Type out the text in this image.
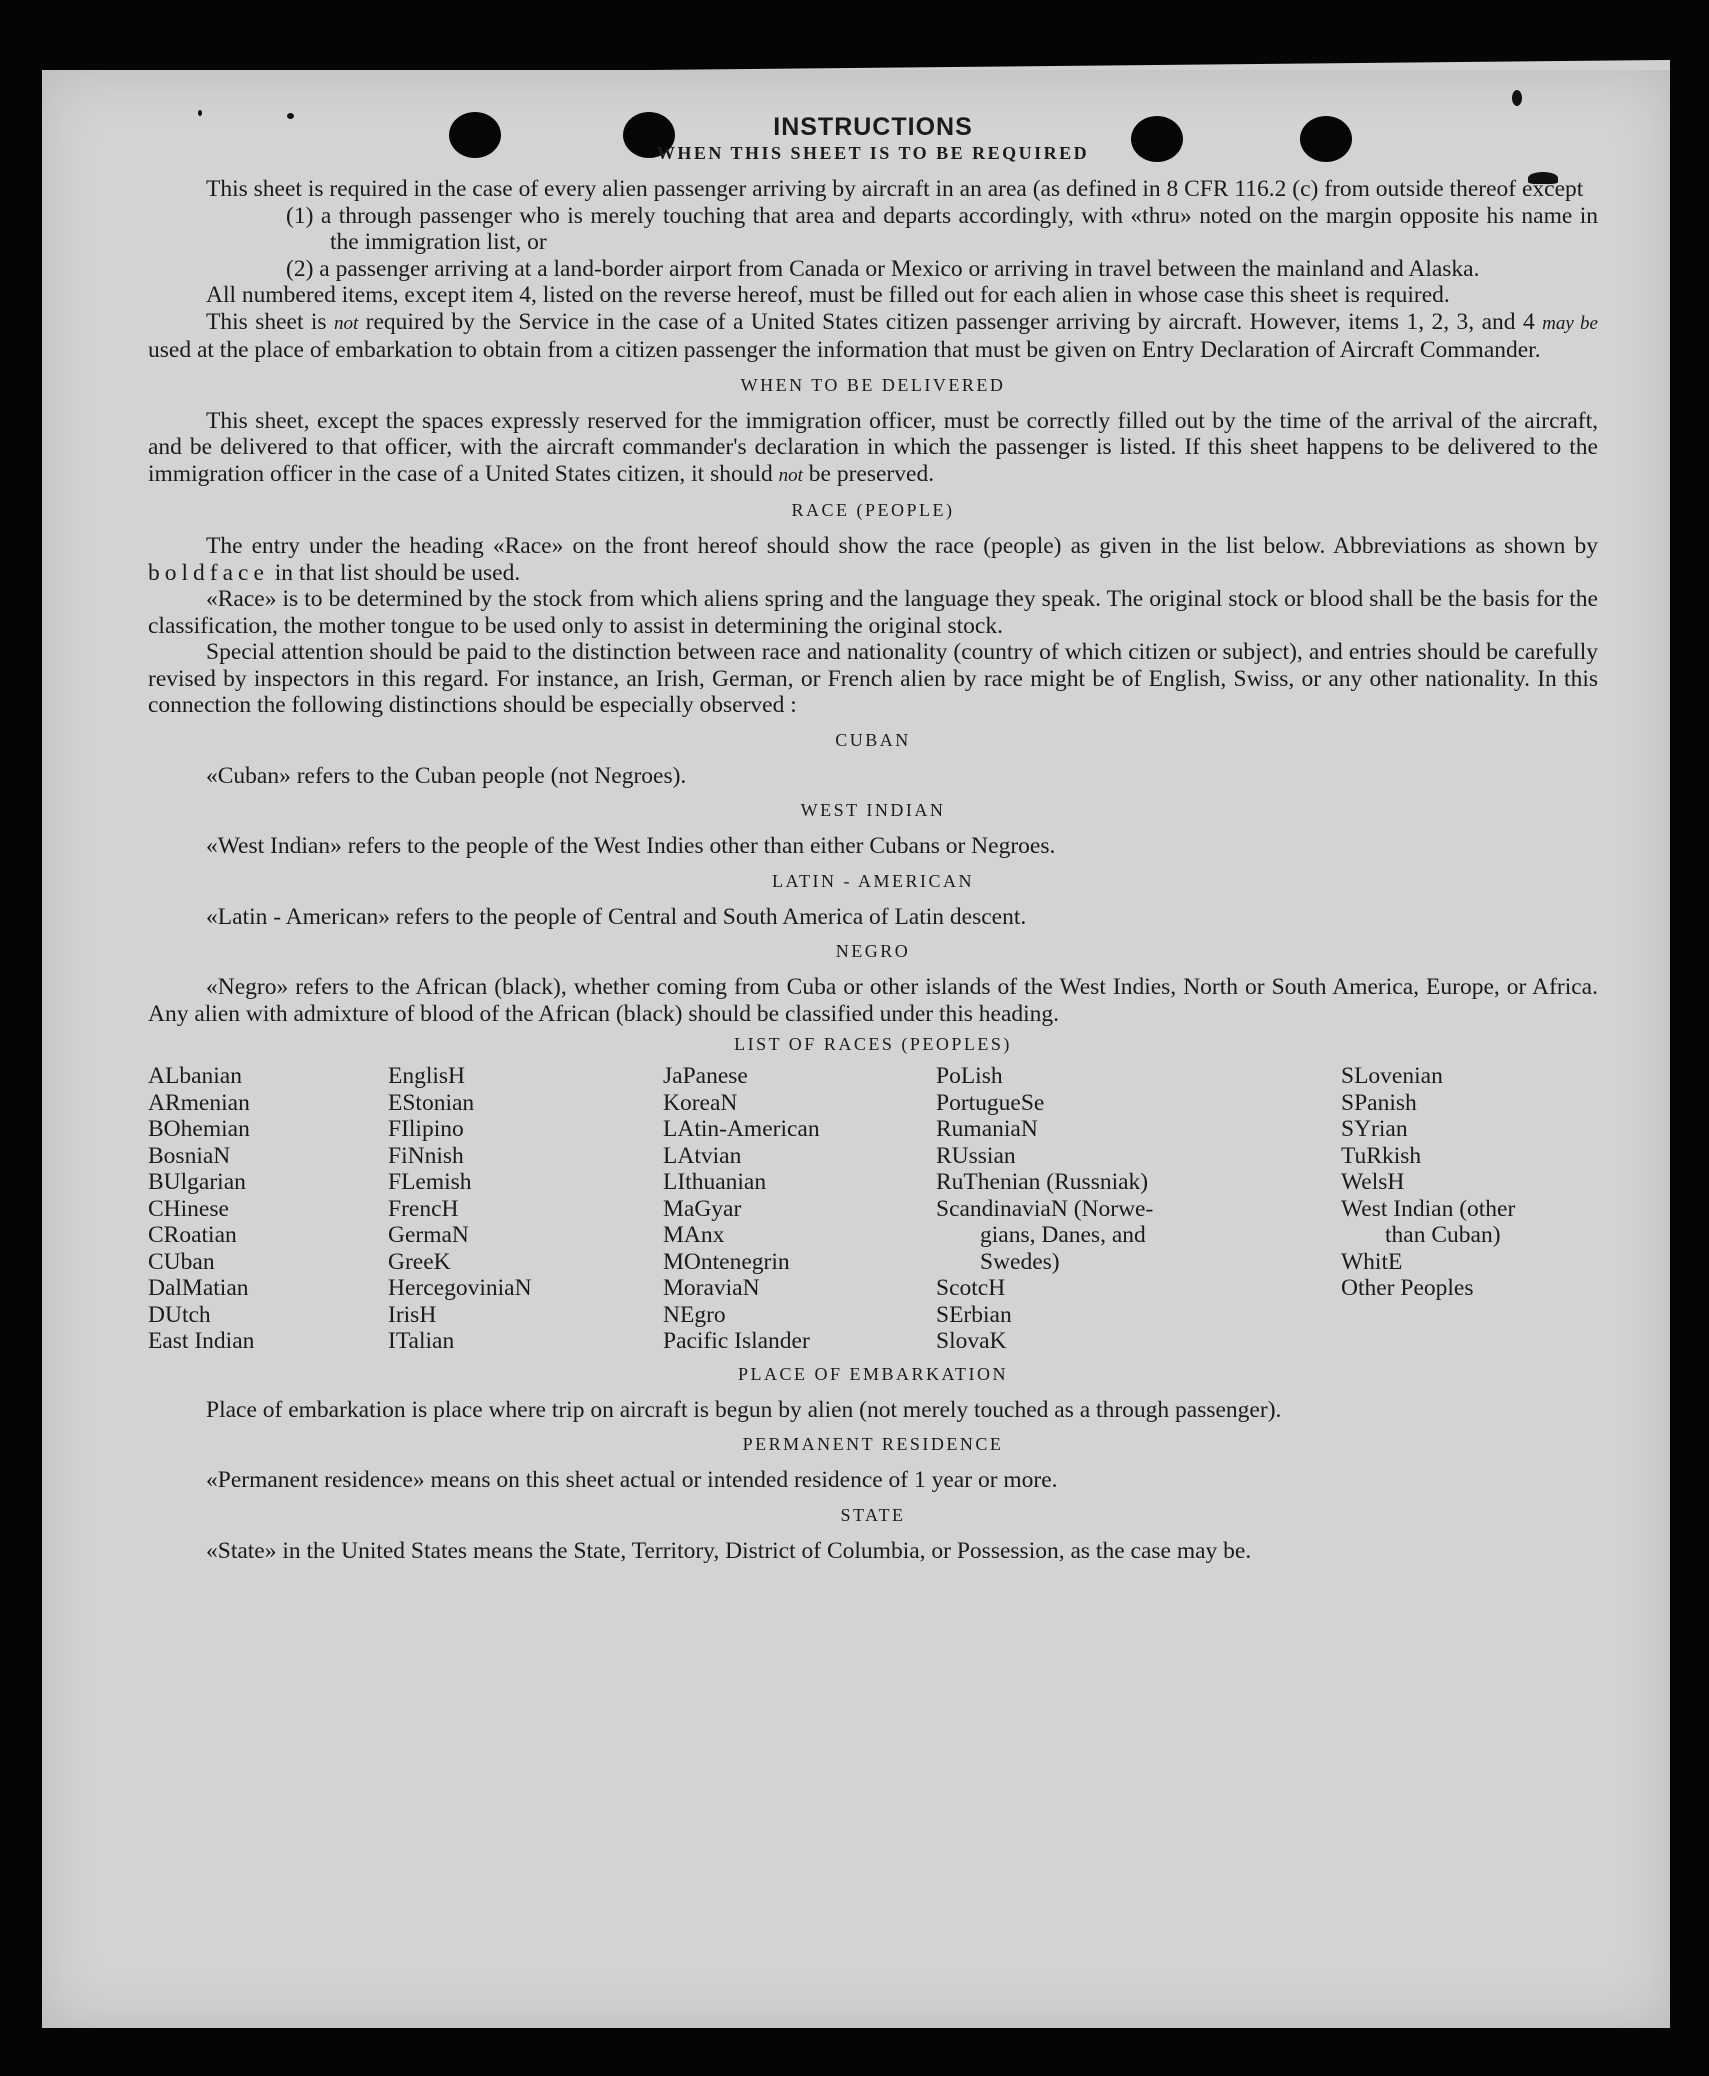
INSTRUCTIONS
WHEN THIS SHEET IS TO BE REQUIRED

This sheet is required in the case of every alien passenger arriving by aircraft in an area (as defined in 8 CFR 116.2 (c) from outside thereof except

(1) a through passenger who is merely touching that area and departs accordingly, with «thru» noted on the margin opposite his name in the immigration list, or

(2) a passenger arriving at a land-border airport from Canada or Mexico or arriving in travel between the mainland and Alaska.

All numbered items, except item 4, listed on the reverse hereof, must be filled out for each alien in whose case this sheet is required.

This sheet is not required by the Service in the case of a United States citizen passenger arriving by aircraft. However, items 1, 2, 3, and 4 may be used at the place of embarkation to obtain from a citizen passenger the information that must be given on Entry Declaration of Aircraft Commander.

WHEN TO BE DELIVERED

This sheet, except the spaces expressly reserved for the immigration officer, must be correctly filled out by the time of the arrival of the aircraft, and be delivered to that officer, with the aircraft commander's declaration in which the passenger is listed. If this sheet happens to be delivered to the immigration officer in the case of a United States citizen, it should not be preserved.

RACE (PEOPLE)

The entry under the heading «Race» on the front hereof should show the race (people) as given in the list below. Abbreviations as shown by boldface in that list should be used.

«Race» is to be determined by the stock from which aliens spring and the language they speak. The original stock or blood shall be the basis for the classification, the mother tongue to be used only to assist in determining the original stock.

Special attention should be paid to the distinction between race and nationality (country of which citizen or subject), and entries should be carefully revised by inspectors in this regard. For instance, an Irish, German, or French alien by race might be of English, Swiss, or any other nationality. In this connection the following distinctions should be especially observed :

CUBAN

«Cuban» refers to the Cuban people (not Negroes).

WEST INDIAN

«West Indian» refers to the people of the West Indies other than either Cubans or Negroes.

LATIN - AMERICAN

«Latin - American» refers to the people of Central and South America of Latin descent.

NEGRO

«Negro» refers to the African (black), whether coming from Cuba or other islands of the West Indies, North or South America, Europe, or Africa. Any alien with admixture of blood of the African (black) should be classified under this heading.

LIST OF RACES (PEOPLES)
ALbanian
ARmenian
BOhemian
BosniaN
BUlgarian
CHinese
CRoatian
CUban
DalMatian
DUtch
East Indian
EnglisH
EStonian
FIlipino
FiNnish
FLemish
FrencH
GermaN
GreeK
HercegoviniaN
IrisH
ITalian
JaPanese
KoreaN
LAtin-American
LAtvian
LIthuanian
MaGyar
MAnx
MOntenegrin
MoraviaN
NEgro
Pacific Islander
PoLish
PortugueSe
RumaniaN
RUssian
RuThenian (Russniak)
ScandinaviaN (Norwe-
gians, Danes, and
Swedes)
ScotcH
SErbian
SlovaK
SLovenian
SPanish
SYrian
TuRkish
WelsH
West Indian (other
than Cuban)
WhitE
Other Peoples
PLACE OF EMBARKATION

Place of embarkation is place where trip on aircraft is begun by alien (not merely touched as a through passenger).

PERMANENT RESIDENCE

«Permanent residence» means on this sheet actual or intended residence of 1 year or more.

STATE

«State» in the United States means the State, Territory, District of Columbia, or Possession, as the case may be.
